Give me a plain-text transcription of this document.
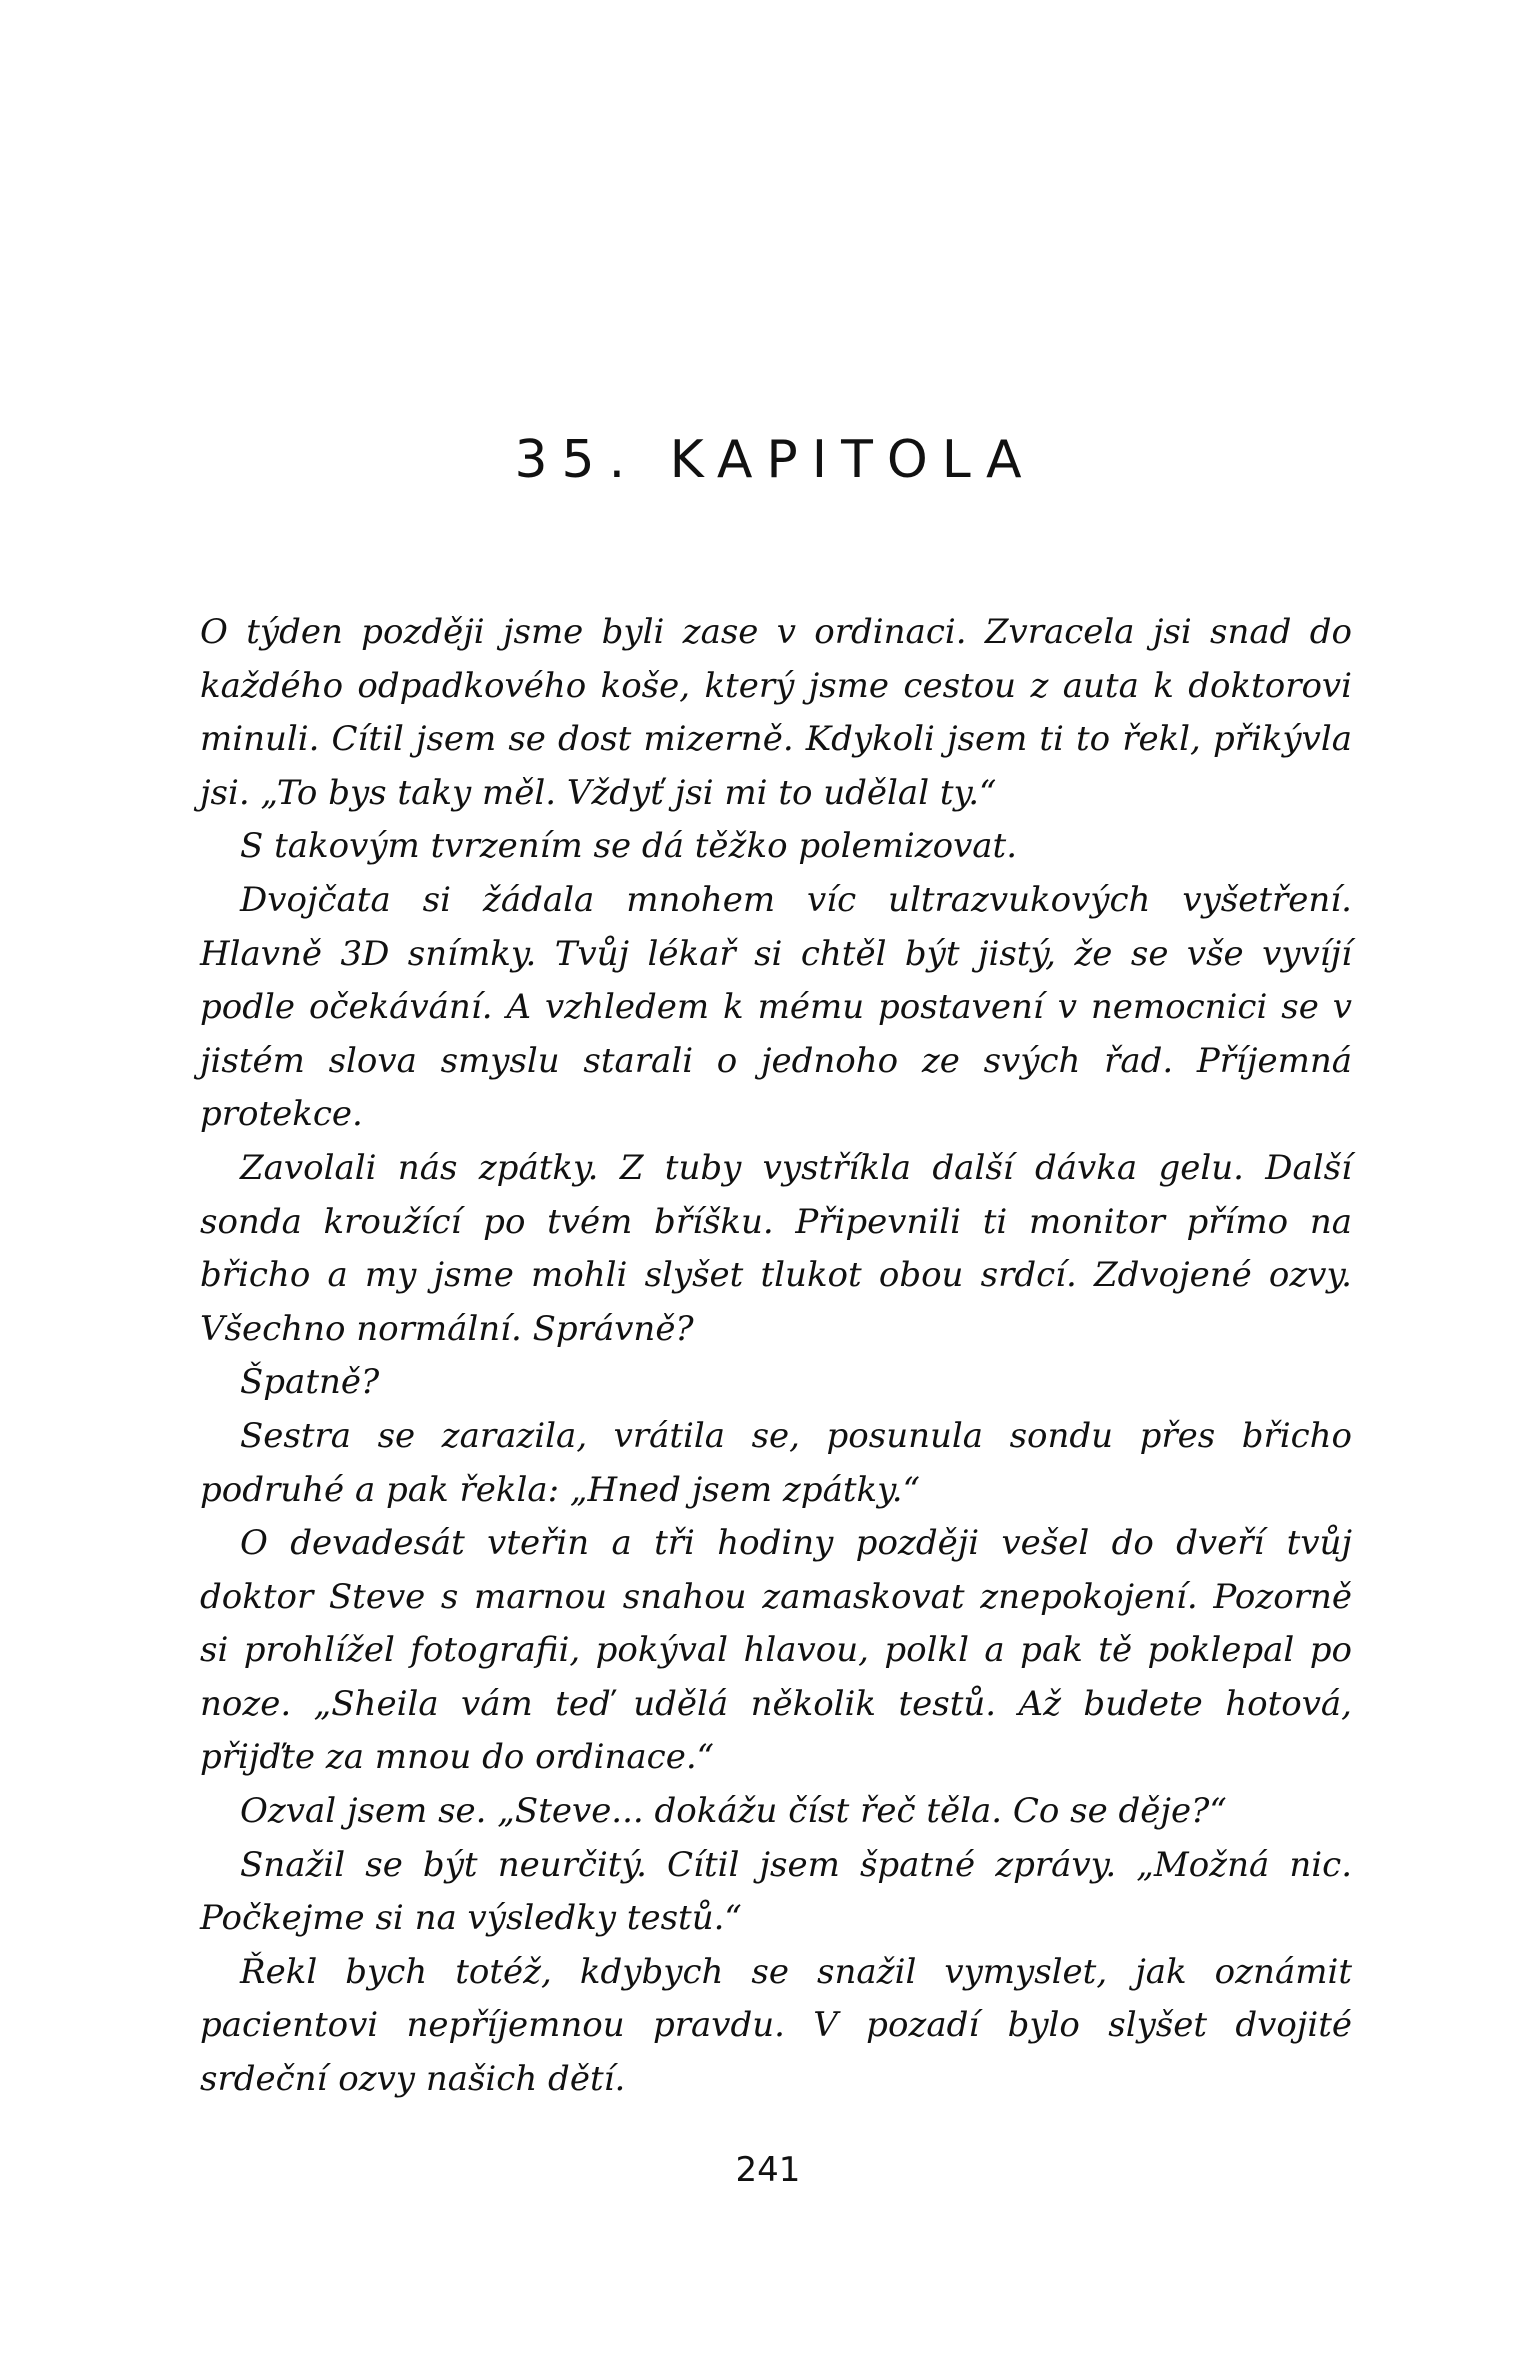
35. KAPITOLA

O týden později jsme byli zase v ordinaci. Zvracela jsi snad do každého odpadkového koše, který jsme cestou z auta k doktorovi minuli. Cítil jsem se dost mizerně. Kdykoli jsem ti to řekl, přikývla jsi. „To bys taky měl. Vždyť jsi mi to udělal ty.“

S takovým tvrzením se dá těžko polemizovat.

Dvojčata si žádala mnohem víc ultrazvukových vyšetření. Hlavně 3D snímky. Tvůj lékař si chtěl být jistý, že se vše vyvíjí podle očekávání. A vzhledem k mému postavení v nemocnici se v jistém slova smyslu starali o jednoho ze svých řad. Příjemná protekce.

Zavolali nás zpátky. Z tuby vystříkla další dávka gelu. Další sonda kroužící po tvém bříšku. Připevnili ti monitor přímo na břicho a my jsme mohli slyšet tlukot obou srdcí. Zdvojené ozvy. Všechno normální. Správně?

Špatně?

Sestra se zarazila, vrátila se, posunula sondu přes břicho podruhé a pak řekla: „Hned jsem zpátky.“

O devadesát vteřin a tři hodiny později vešel do dveří tvůj doktor Steve s marnou snahou zamaskovat znepokojení. Pozorně si prohlížel fotografii, pokýval hlavou, polkl a pak tě poklepal po noze. „Sheila vám teď udělá několik testů. Až budete hotová, přijďte za mnou do ordinace.“

Ozval jsem se. „Steve... dokážu číst řeč těla. Co se děje?“

Snažil se být neurčitý. Cítil jsem špatné zprávy. „Možná nic. Počkejme si na výsledky testů.“

Řekl bych totéž, kdybych se snažil vymyslet, jak oznámit pacientovi nepříjemnou pravdu. V pozadí bylo slyšet dvojité srdeční ozvy našich dětí.

241
